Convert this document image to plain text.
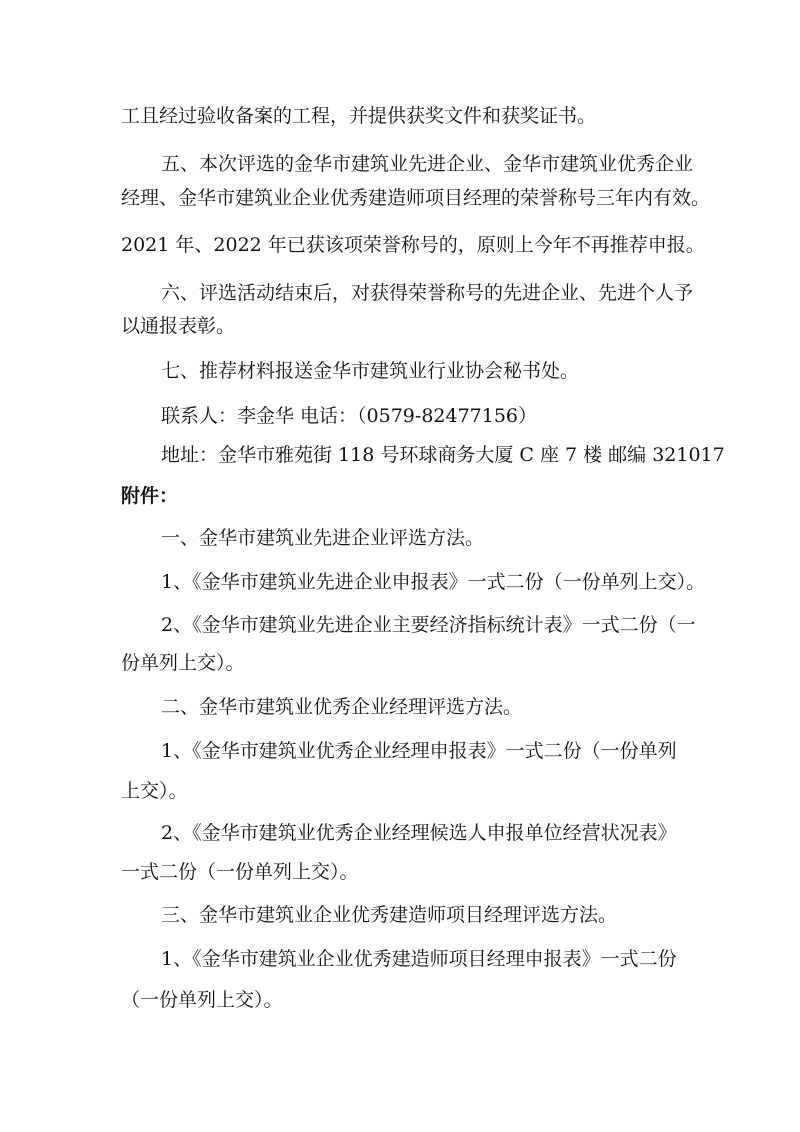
工且经过验收备案的工程，并提供获奖文件和获奖证书。

五、本次评选的金华市建筑业先进企业、金华市建筑业优秀企业

经理、金华市建筑业企业优秀建造师项目经理的荣誉称号三年内有效。

2021 年、2022 年已获该项荣誉称号的，原则上今年不再推荐申报。

六、评选活动结束后，对获得荣誉称号的先进企业、先进个人予

以通报表彰。

七、推荐材料报送金华市建筑业行业协会秘书处。

联系人：李金华 电话：（0579-82477156）

地址：金华市雅苑街 118 号环球商务大厦 C 座 7 楼 邮编 321017

附件：

一、金华市建筑业先进企业评选方法。

1、《金华市建筑业先进企业申报表》一式二份（一份单列上交）。

2、《金华市建筑业先进企业主要经济指标统计表》一式二份（一

份单列上交）。

二、金华市建筑业优秀企业经理评选方法。

1、《金华市建筑业优秀企业经理申报表》一式二份（一份单列

上交）。

2、《金华市建筑业优秀企业经理候选人申报单位经营状况表》

一式二份（一份单列上交）。

三、金华市建筑业企业优秀建造师项目经理评选方法。

1、《金华市建筑业企业优秀建造师项目经理申报表》一式二份

（一份单列上交）。
